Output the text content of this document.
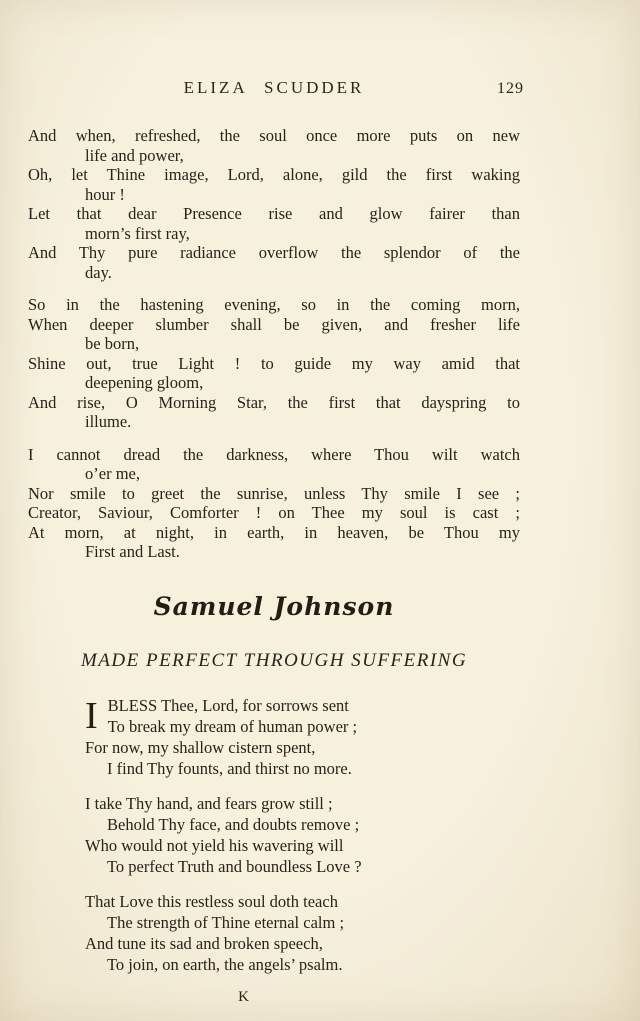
ELIZA SCUDDER	129
And when, refreshed, the soul once more puts on new
life and power,
Oh, let Thine image, Lord, alone, gild the first waking
hour !
Let that dear Presence rise and glow fairer than
morn’s first ray,
And Thy pure radiance overflow the splendor of the
day.
So in the hastening evening, so in the coming morn,
When deeper slumber shall be given, and fresher life
be born,
Shine out, true Light ! to guide my way amid that
deepening gloom,
And rise, O Morning Star, the first that dayspring to
illume.
I cannot dread the darkness, where Thou wilt watch
o’er me,
Nor smile to greet the sunrise, unless Thy smile I see ;
Creator, Saviour, Comforter ! on Thee my soul is cast ;
At morn, at night, in earth, in heaven, be Thou my
First and Last.
Samuel Johnson
MADE PERFECT THROUGH SUFFERING
I BLESS Thee, Lord, for sorrows sent
To break my dream of human power ;
For now, my shallow cistern spent,
I find Thy founts, and thirst no more.
I take Thy hand, and fears grow still ;
Behold Thy face, and doubts remove ;
Who would not yield his wavering will
To perfect Truth and boundless Love ?
That Love this restless soul doth teach
The strength of Thine eternal calm ;
And tune its sad and broken speech,
To join, on earth, the angels’ psalm.
K
